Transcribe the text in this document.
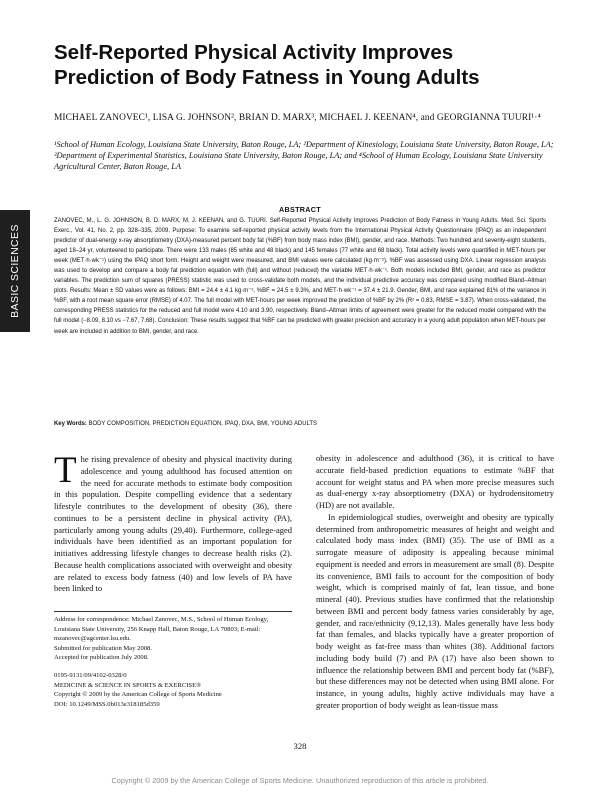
Self-Reported Physical Activity Improves Prediction of Body Fatness in Young Adults
MICHAEL ZANOVEC¹, LISA G. JOHNSON², BRIAN D. MARX³, MICHAEL J. KEENAN⁴, and GEORGIANNA TUURI¹·⁴
¹School of Human Ecology, Louisiana State University, Baton Rouge, LA; ²Department of Kinesiology, Louisiana State University, Baton Rouge, LA; ³Department of Experimental Statistics, Louisiana State University, Baton Rouge, LA; and ⁴School of Human Ecology, Louisiana State University Agricultural Center, Baton Rouge, LA
BASIC SCIENCES
ABSTRACT

ZANOVEC, M., L. G. JOHNSON, B. D. MARX, M. J. KEENAN, and G. TUURI. Self-Reported Physical Activity Improves Prediction of Body Fatness in Young Adults. Med. Sci. Sports Exerc., Vol. 41, No. 2, pp. 328–335, 2009. Purpose: To examine self-reported physical activity levels from the International Physical Activity Questionnaire (IPAQ) as an independent predictor of dual-energy x-ray absorptiometry (DXA)-measured percent body fat (%BF) from body mass index (BMI), gender, and race. Methods: Two hundred and seventy-eight students, aged 18–24 yr, volunteered to participate. There were 133 males (85 white and 48 black) and 145 females (77 white and 68 black). Total activity levels were quantified in MET-hours per week (MET·h·wk⁻¹) using the IPAQ short form. Height and weight were measured, and BMI values were calculated (kg·m⁻²). %BF was assessed using DXA. Linear regression analysis was used to develop and compare a body fat prediction equation with (full) and without (reduced) the variable MET·h·wk⁻¹. Both models included BMI, gender, and race as predictor variables. The prediction sum of squares (PRESS) statistic was used to cross-validate both models, and the individual predictive accuracy was compared using modified Bland–Altman plots. Results: Mean ± SD values were as follows: BMI = 24.4 ± 4.1 kg·m⁻², %BF = 24.5 ± 9.3%, and MET·h·wk⁻¹ = 37.4 ± 21.9. Gender, BMI, and race explained 81% of the variance in %BF, with a root mean square error (RMSE) of 4.07. The full model with MET-hours per week improved the prediction of %BF by 2% (R² = 0.83, RMSE = 3.87). When cross-validated, the corresponding PRESS statistics for the reduced and full model were 4.10 and 3.90, respectively. Bland–Altman limits of agreement were greater for the reduced model compared with the full model (−8.09, 8.10 vs −7.67, 7.68). Conclusion: These results suggest that %BF can be predicted with greater precision and accuracy in a young adult population when MET-hours per week are included in addition to BMI, gender, and race.

Key Words: BODY COMPOSITION, PREDICTION EQUATION, IPAQ, DXA, BMI, YOUNG ADULTS

The rising prevalence of obesity and physical inactivity during adolescence and young adulthood has focused attention on the need for accurate methods to estimate body composition in this population. Despite compelling evidence that a sedentary lifestyle contributes to the development of obesity (36), there continues to be a persistent decline in physical activity (PA), particularly among young adults (29,40). Furthermore, college-aged individuals have been identified as an important population for initiatives addressing lifestyle changes to decrease health risks (2). Because health complications associated with overweight and obesity are related to excess body fatness (40) and low levels of PA have been linked to

obesity in adolescence and adulthood (36), it is critical to have accurate field-based prediction equations to estimate %BF that account for weight status and PA when more precise measures such as dual-energy x-ray absorptiometry (DXA) or hydrodensitometry (HD) are not available.

In epidemiological studies, overweight and obesity are typically determined from anthropometric measures of height and weight and calculated body mass index (BMI) (35). The use of BMI as a surrogate measure of adiposity is appealing because minimal equipment is needed and errors in measurement are small (8). Despite its convenience, BMI fails to account for the composition of body weight, which is comprised mainly of fat, lean tissue, and bone mineral (40). Previous studies have confirmed that the relationship between BMI and percent body fatness varies considerably by age, gender, and race/ethnicity (9,12,13). Males generally have less body fat than females, and blacks typically have a greater proportion of body weight as fat-free mass than whites (38). Additional factors including body build (7) and PA (17) have also been shown to influence the relationship between BMI and percent body fat (%BF), but these differences may not be detected when using BMI alone. For instance, in young adults, highly active individuals may have a greater proportion of body weight as lean-tissue mass

Address for correspondence: Michael Zanovec, M.S., School of Human Ecology, Louisiana State University, 256 Knapp Hall, Baton Rouge, LA 70803; E-mail: mzanovec@agcenter.lsu.edu.

Submitted for publication May 2008.

Accepted for publication July 2008.

0195-9131/09/4102-0328/0

MEDICINE & SCIENCE IN SPORTS & EXERCISE®

Copyright © 2009 by the American College of Sports Medicine

DOI: 10.1249/MSS.0b013e318185d359

328
Copyright © 2009 by the American College of Sports Medicine. Unauthorized reproduction of this article is prohibited.
